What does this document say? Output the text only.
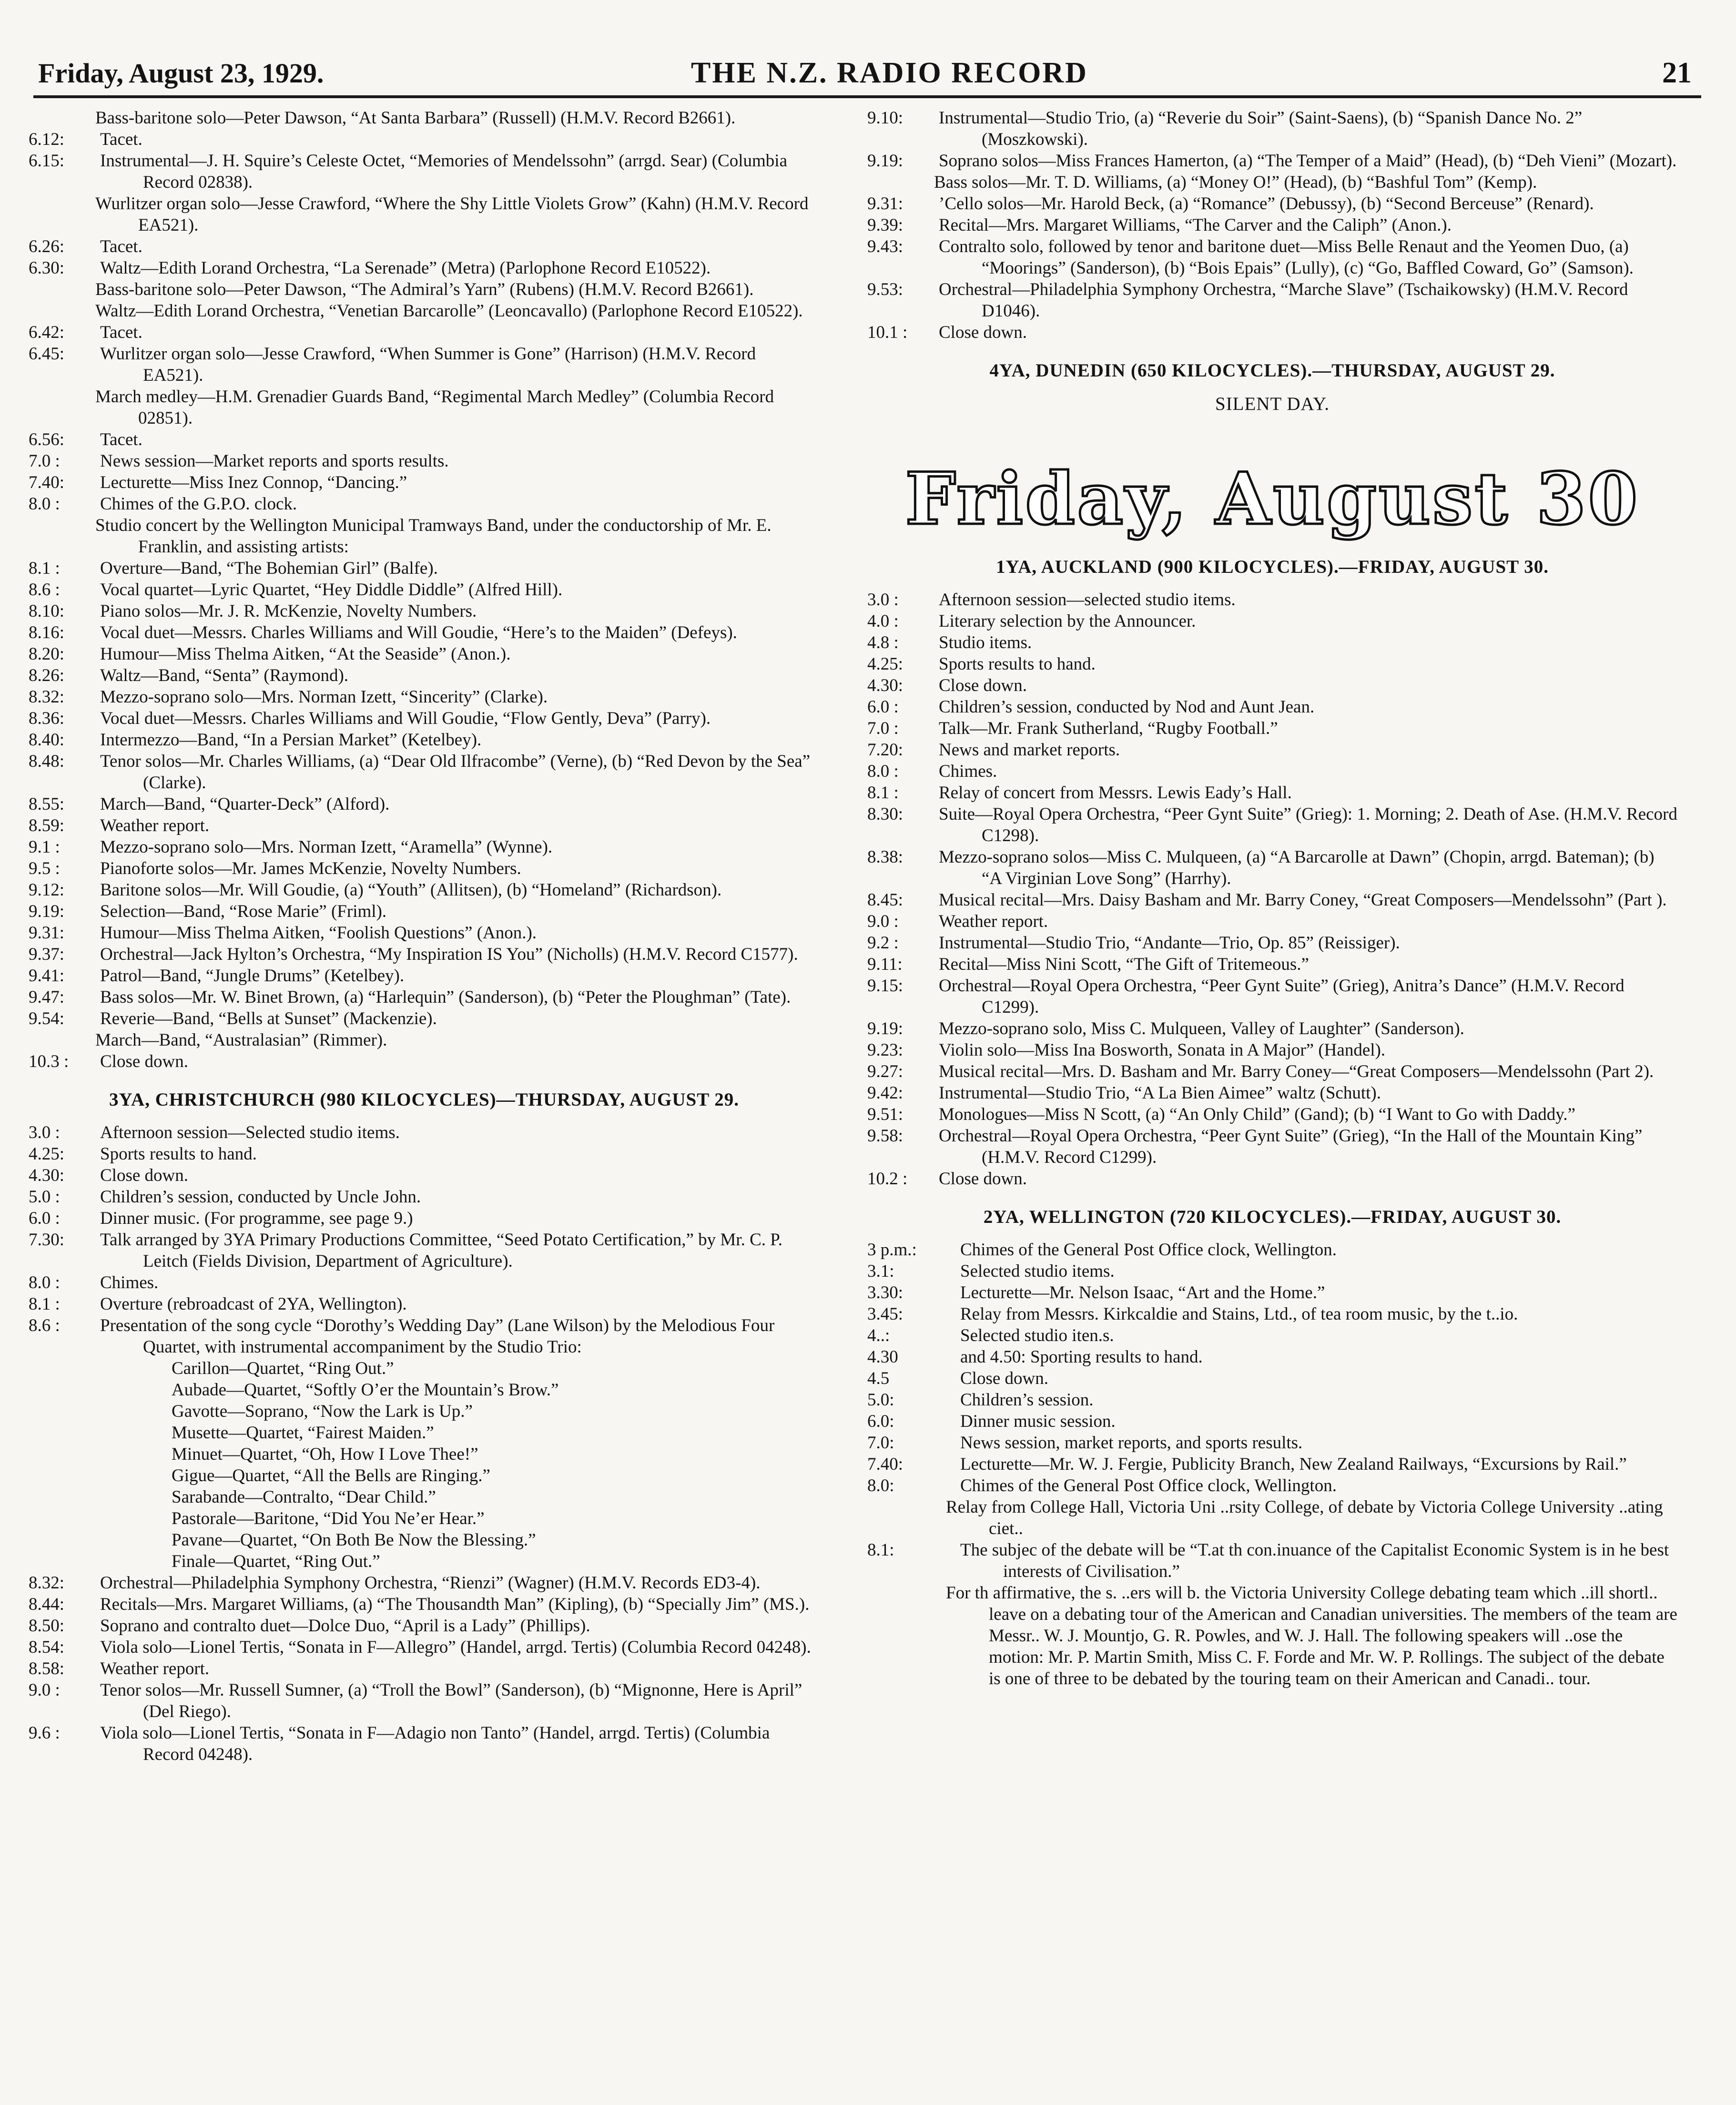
Friday, August 23, 1929.	THE N.Z. RADIO RECORD	21
Bass-baritone solo—Peter Dawson, “At Santa Barbara” (Russell) (H.M.V. Record B2661).
6.12:	Tacet.
6.15:	Instrumental—J. H. Squire’s Celeste Octet, “Memories of Mendelssohn” (arrgd. Sear) (Columbia Record 02838).
Wurlitzer organ solo—Jesse Crawford, “Where the Shy Little Violets Grow” (Kahn) (H.M.V. Record EA521).
6.26:	Tacet.
6.30:	Waltz—Edith Lorand Orchestra, “La Serenade” (Metra) (Parlophone Record E10522).
Bass-baritone solo—Peter Dawson, “The Admiral’s Yarn” (Rubens) (H.M.V. Record B2661).
Waltz—Edith Lorand Orchestra, “Venetian Barcarolle” (Leoncavallo) (Parlophone Record E10522).
6.42:	Tacet.
6.45:	Wurlitzer organ solo—Jesse Crawford, “When Summer is Gone” (Harrison) (H.M.V. Record EA521).
March medley—H.M. Grenadier Guards Band, “Regimental March Medley” (Columbia Record 02851).
6.56:	Tacet.
7.0 :	News session—Market reports and sports results.
7.40:	Lecturette—Miss Inez Connop, “Dancing.”
8.0 :	Chimes of the G.P.O. clock.
Studio concert by the Wellington Municipal Tramways Band, under the conductorship of Mr. E. Franklin, and assisting artists:
8.1 :	Overture—Band, “The Bohemian Girl” (Balfe).
8.6 :	Vocal quartet—Lyric Quartet, “Hey Diddle Diddle” (Alfred Hill).
8.10:	Piano solos—Mr. J. R. McKenzie, Novelty Numbers.
8.16:	Vocal duet—Messrs. Charles Williams and Will Goudie, “Here’s to the Maiden” (Defeys).
8.20:	Humour—Miss Thelma Aitken, “At the Seaside” (Anon.).
8.26:	Waltz—Band, “Senta” (Raymond).
8.32:	Mezzo-soprano solo—Mrs. Norman Izett, “Sincerity” (Clarke).
8.36:	Vocal duet—Messrs. Charles Williams and Will Goudie, “Flow Gently, Deva” (Parry).
8.40:	Intermezzo—Band, “In a Persian Market” (Ketelbey).
8.48:	Tenor solos—Mr. Charles Williams, (a) “Dear Old Ilfracombe” (Verne), (b) “Red Devon by the Sea” (Clarke).
8.55:	March—Band, “Quarter-Deck” (Alford).
8.59:	Weather report.
9.1 :	Mezzo-soprano solo—Mrs. Norman Izett, “Aramella” (Wynne).
9.5 :	Pianoforte solos—Mr. James McKenzie, Novelty Numbers.
9.12:	Baritone solos—Mr. Will Goudie, (a) “Youth” (Allitsen), (b) “Homeland” (Richardson).
9.19:	Selection—Band, “Rose Marie” (Friml).
9.31:	Humour—Miss Thelma Aitken, “Foolish Questions” (Anon.).
9.37:	Orchestral—Jack Hylton’s Orchestra, “My Inspiration IS You” (Nicholls) (H.M.V. Record C1577).
9.41:	Patrol—Band, “Jungle Drums” (Ketelbey).
9.47:	Bass solos—Mr. W. Binet Brown, (a) “Harlequin” (Sanderson), (b) “Peter the Ploughman” (Tate).
9.54:	Reverie—Band, “Bells at Sunset” (Mackenzie).
March—Band, “Australasian” (Rimmer).
10.3 :	Close down.
3YA, CHRISTCHURCH (980 KILOCYCLES)—THURSDAY, AUGUST 29.
3.0 :	Afternoon session—Selected studio items.
4.25:	Sports results to hand.
4.30:	Close down.
5.0 :	Children’s session, conducted by Uncle John.
6.0 :	Dinner music. (For programme, see page 9.)
7.30:	Talk arranged by 3YA Primary Productions Committee, “Seed Potato Certification,” by Mr. C. P. Leitch (Fields Division, Department of Agriculture).
8.0 :	Chimes.
8.1 :	Overture (rebroadcast of 2YA, Wellington).
8.6 :	Presentation of the song cycle “Dorothy’s Wedding Day” (Lane Wilson) by the Melodious Four Quartet, with instrumental accompaniment by the Studio Trio:
Carillon—Quartet, “Ring Out.”
Aubade—Quartet, “Softly O’er the Mountain’s Brow.”
Gavotte—Soprano, “Now the Lark is Up.”
Musette—Quartet, “Fairest Maiden.”
Minuet—Quartet, “Oh, How I Love Thee!”
Gigue—Quartet, “All the Bells are Ringing.”
Sarabande—Contralto, “Dear Child.”
Pastorale—Baritone, “Did You Ne’er Hear.”
Pavane—Quartet, “On Both Be Now the Blessing.”
Finale—Quartet, “Ring Out.”
8.32:	Orchestral—Philadelphia Symphony Orchestra, “Rienzi” (Wagner) (H.M.V. Records ED3-4).
8.44:	Recitals—Mrs. Margaret Williams, (a) “The Thousandth Man” (Kipling), (b) “Specially Jim” (MS.).
8.50:	Soprano and contralto duet—Dolce Duo, “April is a Lady” (Phillips).
8.54:	Viola solo—Lionel Tertis, “Sonata in F—Allegro” (Handel, arrgd. Tertis) (Columbia Record 04248).
8.58:	Weather report.
9.0 :	Tenor solos—Mr. Russell Sumner, (a) “Troll the Bowl” (Sanderson), (b) “Mignonne, Here is April” (Del Riego).
9.6 :	Viola solo—Lionel Tertis, “Sonata in F—Adagio non Tanto” (Handel, arrgd. Tertis) (Columbia Record 04248).
9.10:	Instrumental—Studio Trio, (a) “Reverie du Soir” (Saint-Saens), (b) “Spanish Dance No. 2” (Moszkowski).
9.19:	Soprano solos—Miss Frances Hamerton, (a) “The Temper of a Maid” (Head), (b) “Deh Vieni” (Mozart).
Bass solos—Mr. T. D. Williams, (a) “Money O!” (Head), (b) “Bashful Tom” (Kemp).
9.31:	’Cello solos—Mr. Harold Beck, (a) “Romance” (Debussy), (b) “Second Berceuse” (Renard).
9.39:	Recital—Mrs. Margaret Williams, “The Carver and the Caliph” (Anon.).
9.43:	Contralto solo, followed by tenor and baritone duet—Miss Belle Renaut and the Yeomen Duo, (a) “Moorings” (Sanderson), (b) “Bois Epais” (Lully), (c) “Go, Baffled Coward, Go” (Samson).
9.53:	Orchestral—Philadelphia Symphony Orchestra, “Marche Slave” (Tschaikowsky) (H.M.V. Record D1046).
10.1 :	Close down.
4YA, DUNEDIN (650 KILOCYCLES).—THURSDAY, AUGUST 29.
SILENT DAY.
Friday, August 30
1YA, AUCKLAND (900 KILOCYCLES).—FRIDAY, AUGUST 30.
3.0 :	Afternoon session—selected studio items.
4.0 :	Literary selection by the Announcer.
4.8 :	Studio items.
4.25:	Sports results to hand.
4.30:	Close down.
6.0 :	Children’s session, conducted by Nod and Aunt Jean.
7.0 :	Talk—Mr. Frank Sutherland, “Rugby Football.”
7.20:	News and market reports.
8.0 :	Chimes.
8.1 :	Relay of concert from Messrs. Lewis Eady’s Hall.
8.30:	Suite—Royal Opera Orchestra, “Peer Gynt Suite” (Grieg): 1. Morning; 2. Death of Ase. (H.M.V. Record C1298).
8.38:	Mezzo-soprano solos—Miss C. Mulqueen, (a) “A Barcarolle at Dawn” (Chopin, arrgd. Bateman); (b) “A Virginian Love Song” (Harrhy).
8.45:	Musical recital—Mrs. Daisy Basham and Mr. Barry Coney, “Great Composers—Mendelssohn” (Part ).
9.0 :	Weather report.
9.2 :	Instrumental—Studio Trio, “Andante—Trio, Op. 85” (Reissiger).
9.11:	Recital—Miss Nini Scott, “The Gift of Tritemeous.”
9.15:	Orchestral—Royal Opera Orchestra, “Peer Gynt Suite” (Grieg), Anitra’s Dance” (H.M.V. Record C1299).
9.19:	Mezzo-soprano solo, Miss C. Mulqueen, Valley of Laughter” (Sanderson).
9.23:	Violin solo—Miss Ina Bosworth, Sonata in A Major” (Handel).
9.27:	Musical recital—Mrs. D. Basham and Mr. Barry Coney—“Great Composers—Mendelssohn (Part 2).
9.42:	Instrumental—Studio Trio, “A La Bien Aimee” waltz (Schutt).
9.51:	Monologues—Miss N Scott, (a) “An Only Child” (Gand); (b) “I Want to Go with Daddy.”
9.58:	Orchestral—Royal Opera Orchestra, “Peer Gynt Suite” (Grieg), “In the Hall of the Mountain King” (H.M.V. Record C1299).
10.2 :	Close down.
2YA, WELLINGTON (720 KILOCYCLES).—FRIDAY, AUGUST 30.
3 p.m.:	Chimes of the General Post Office clock, Wellington.
3.1:	Selected studio items.
3.30:	Lecturette—Mr. Nelson Isaac, “Art and the Home.”
3.45:	Relay from Messrs. Kirkcaldie and Stains, Ltd., of tea room music, by the t..io.
4..:	Selected studio iten.s.
4.30	and 4.50: Sporting results to hand.
4.5	Close down.
5.0:	Children’s session.
6.0:	Dinner music session.
7.0:	News session, market reports, and sports results.
7.40:	Lecturette—Mr. W. J. Fergie, Publicity Branch, New Zealand Railways, “Excursions by Rail.”
8.0:	Chimes of the General Post Office clock, Wellington.
Relay from College Hall, Victoria Uni ..rsity College, of debate by Victoria College University ..ating ciet..
8.1:	The subjec of the debate will be “T.at th con.inuance of the Capitalist Economic System is in he best interests of Civilisation.”
For th affirmative, the s. ..ers will b. the Victoria University College debating team which ..ill shortl.. leave on a debating tour of the American and Canadian universities. The members of the team are Messr.. W. J. Mountjo, G. R. Powles, and W. J. Hall. The following speakers will ..ose the motion: Mr. P. Martin Smith, Miss C. F. Forde and Mr. W. P. Rollings. The subject of the debate is one of three to be debated by the touring team on their American and Canadi.. tour.
